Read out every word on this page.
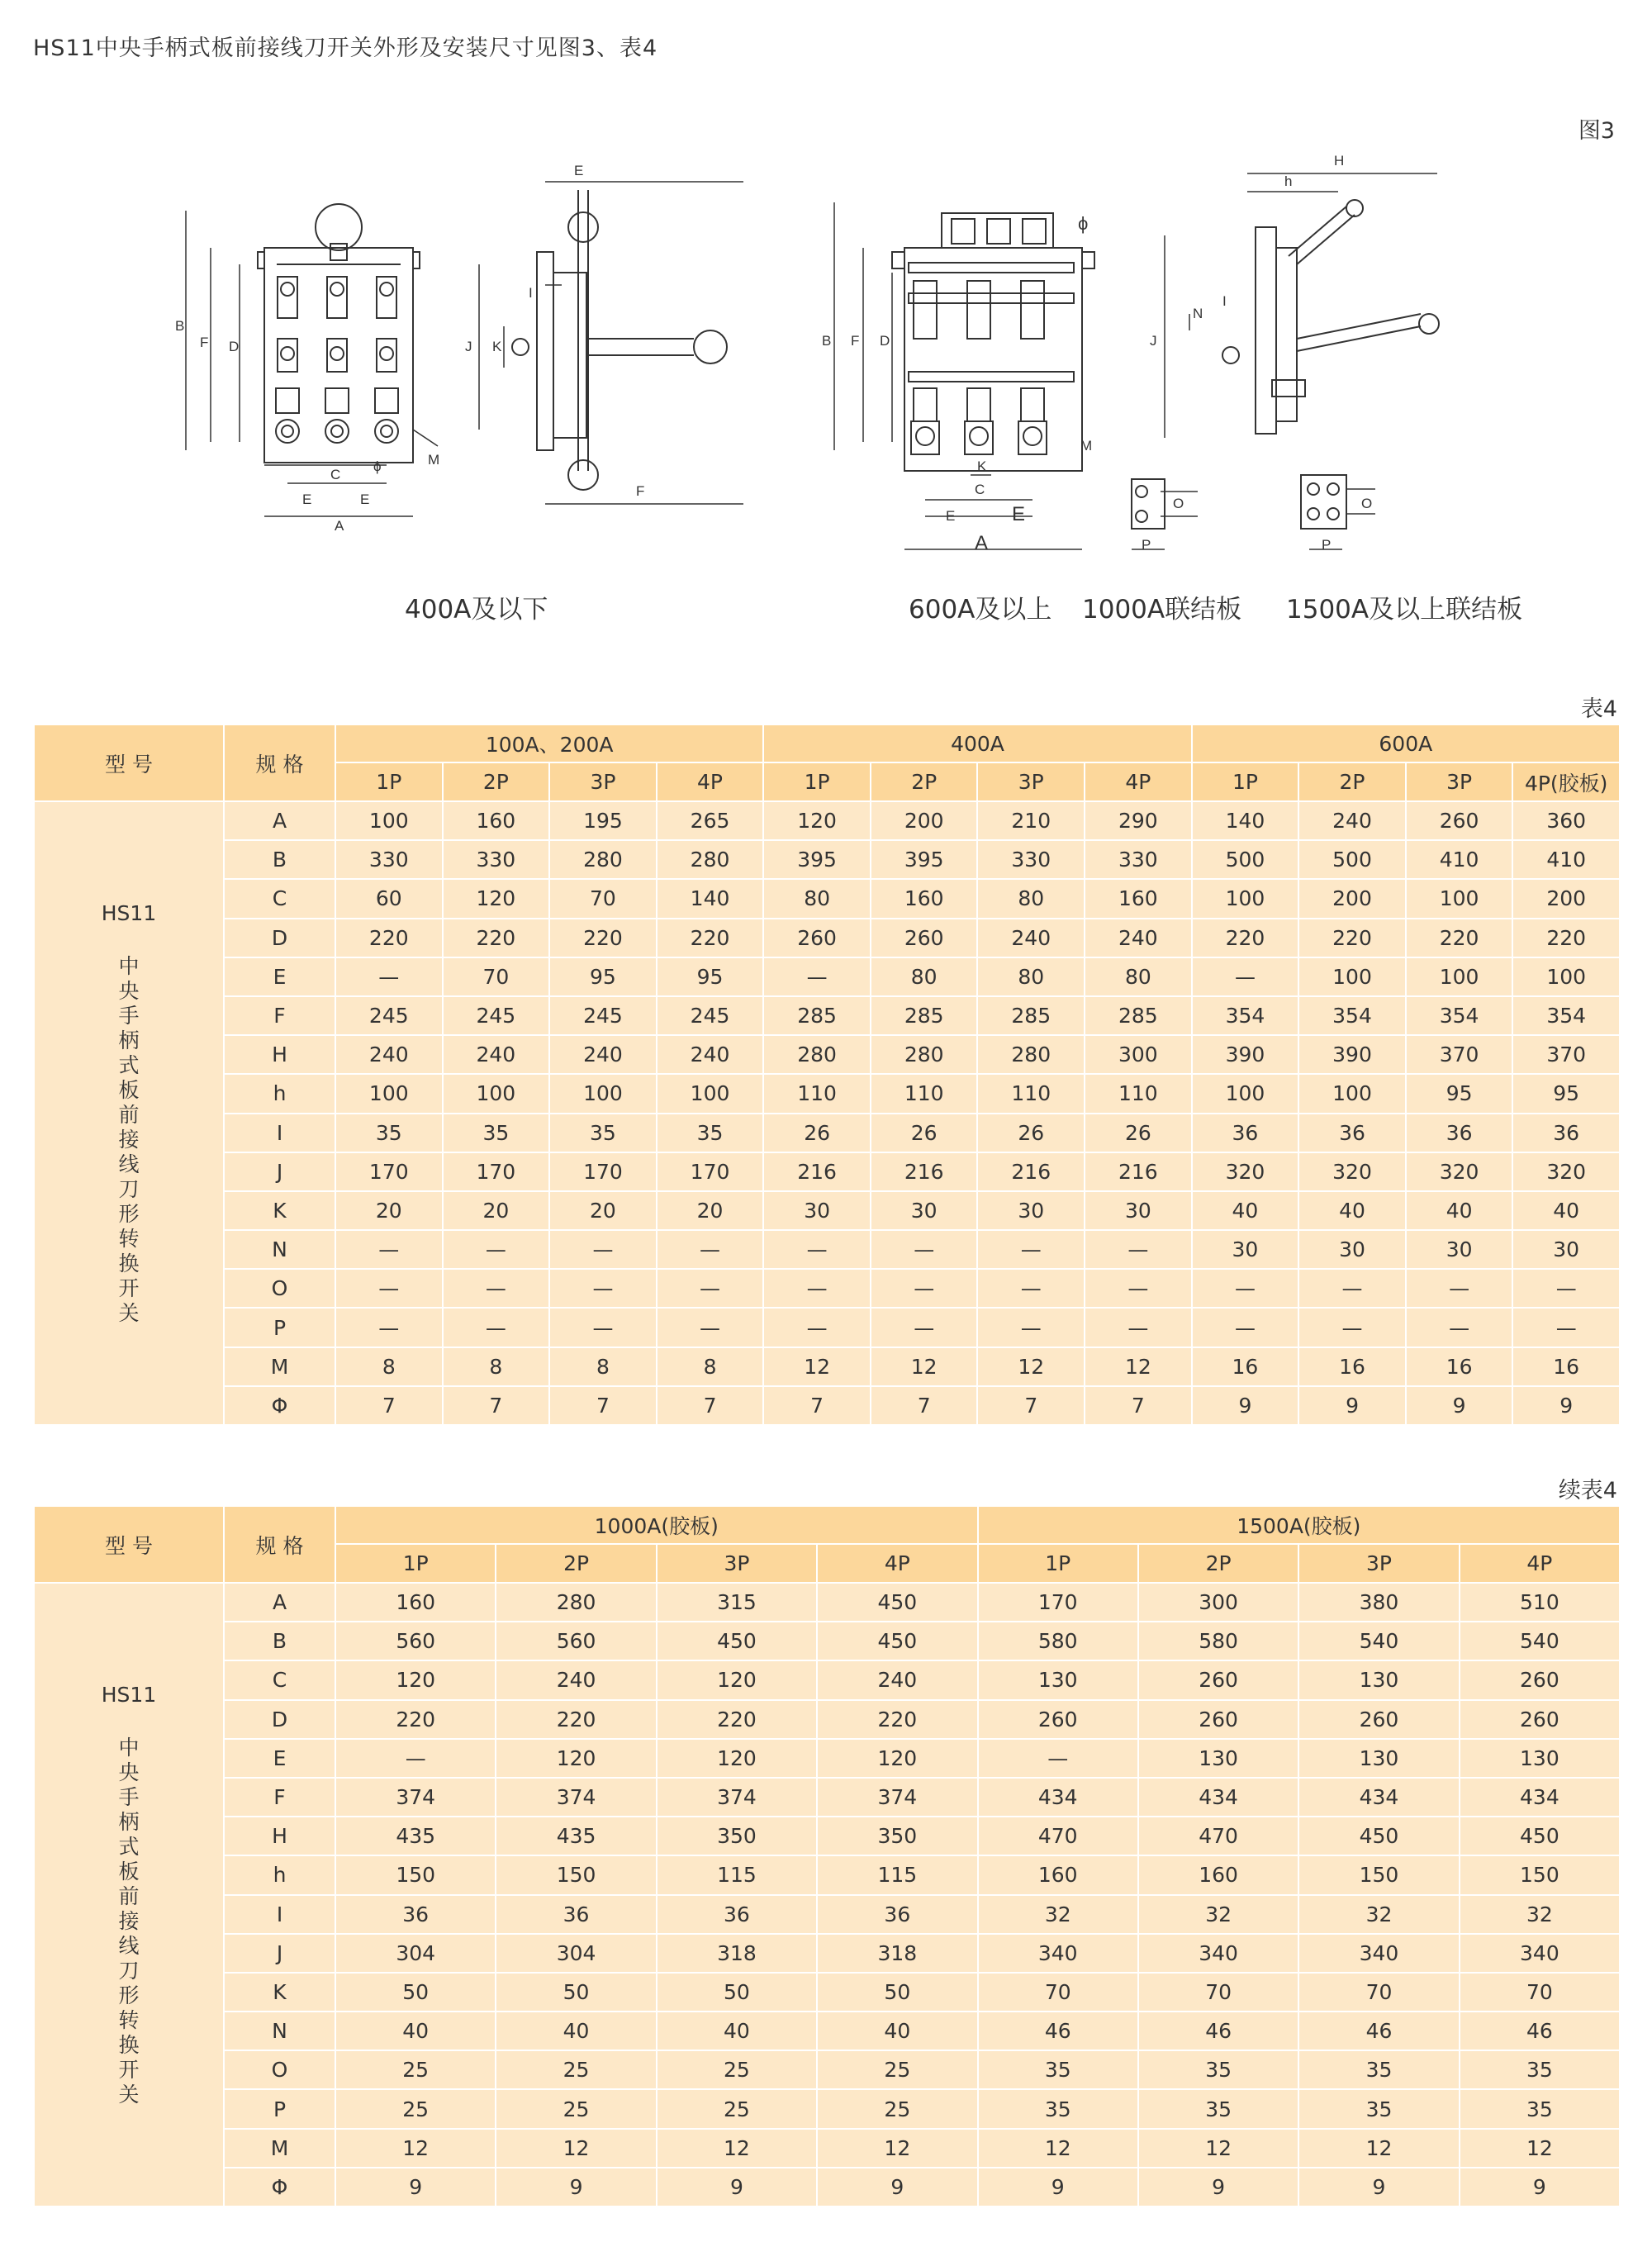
HS11中央手柄式板前接线刀开关外形及安装尺寸见图3、表4
图3
B
F D
C
E	E
A
ϕ	M
E
F
J K
I
B F D
K
C
E	E
A
ϕ
M
H
h
J
N
I
O
P
O
P
400A及以下	600A及以上 1000A联结板 1500A及以上联结板
表4
型 号	规 格	100A、200A				400A				600A			
		1P	2P	3P	4P	1P	2P	3P	4P	1P	2P	3P	4P(胶板)

HS11
中央手柄式板前接线刀形转换开关	A	100	160	195	265	120	200	210	290	140	240	260	360
	B	330	330	280	280	395	395	330	330	500	500	410	410
	C	60	120	70	140	80	160	80	160	100	200	100	200
	D	220	220	220	220	260	260	240	240	220	220	220	220
	E	—	70	95	95	—	80	80	80	—	100	100	100
	F	245	245	245	245	285	285	285	285	354	354	354	354
	H	240	240	240	240	280	280	280	300	390	390	370	370
	h	100	100	100	100	110	110	110	110	100	100	95	95
	I	35	35	35	35	26	26	26	26	36	36	36	36
	J	170	170	170	170	216	216	216	216	320	320	320	320
	K	20	20	20	20	30	30	30	30	40	40	40	40
	N	—	—	—	—	—	—	—	—	30	30	30	30
	O	—	—	—	—	—	—	—	—	—	—	—	—
	P	—	—	—	—	—	—	—	—	—	—	—	—
	M	8	8	8	8	12	12	12	12	16	16	16	16
	Φ	7	7	7	7	7	7	7	7	9	9	9	9
续表4
型 号	规 格	1000A(胶板)				1500A(胶板)			
		1P	2P	3P	4P	1P	2P	3P	4P

HS11
中央手柄式板前接线刀形转换开关	A	160	280	315	450	170	300	380	510
	B	560	560	450	450	580	580	540	540
	C	120	240	120	240	130	260	130	260
	D	220	220	220	220	260	260	260	260
	E	—	120	120	120	—	130	130	130
	F	374	374	374	374	434	434	434	434
	H	435	435	350	350	470	470	450	450
	h	150	150	115	115	160	160	150	150
	I	36	36	36	36	32	32	32	32
	J	304	304	318	318	340	340	340	340
	K	50	50	50	50	70	70	70	70
	N	40	40	40	40	46	46	46	46
	O	25	25	25	25	35	35	35	35
	P	25	25	25	25	35	35	35	35
	M	12	12	12	12	12	12	12	12
	Φ	9	9	9	9	9	9	9	9
